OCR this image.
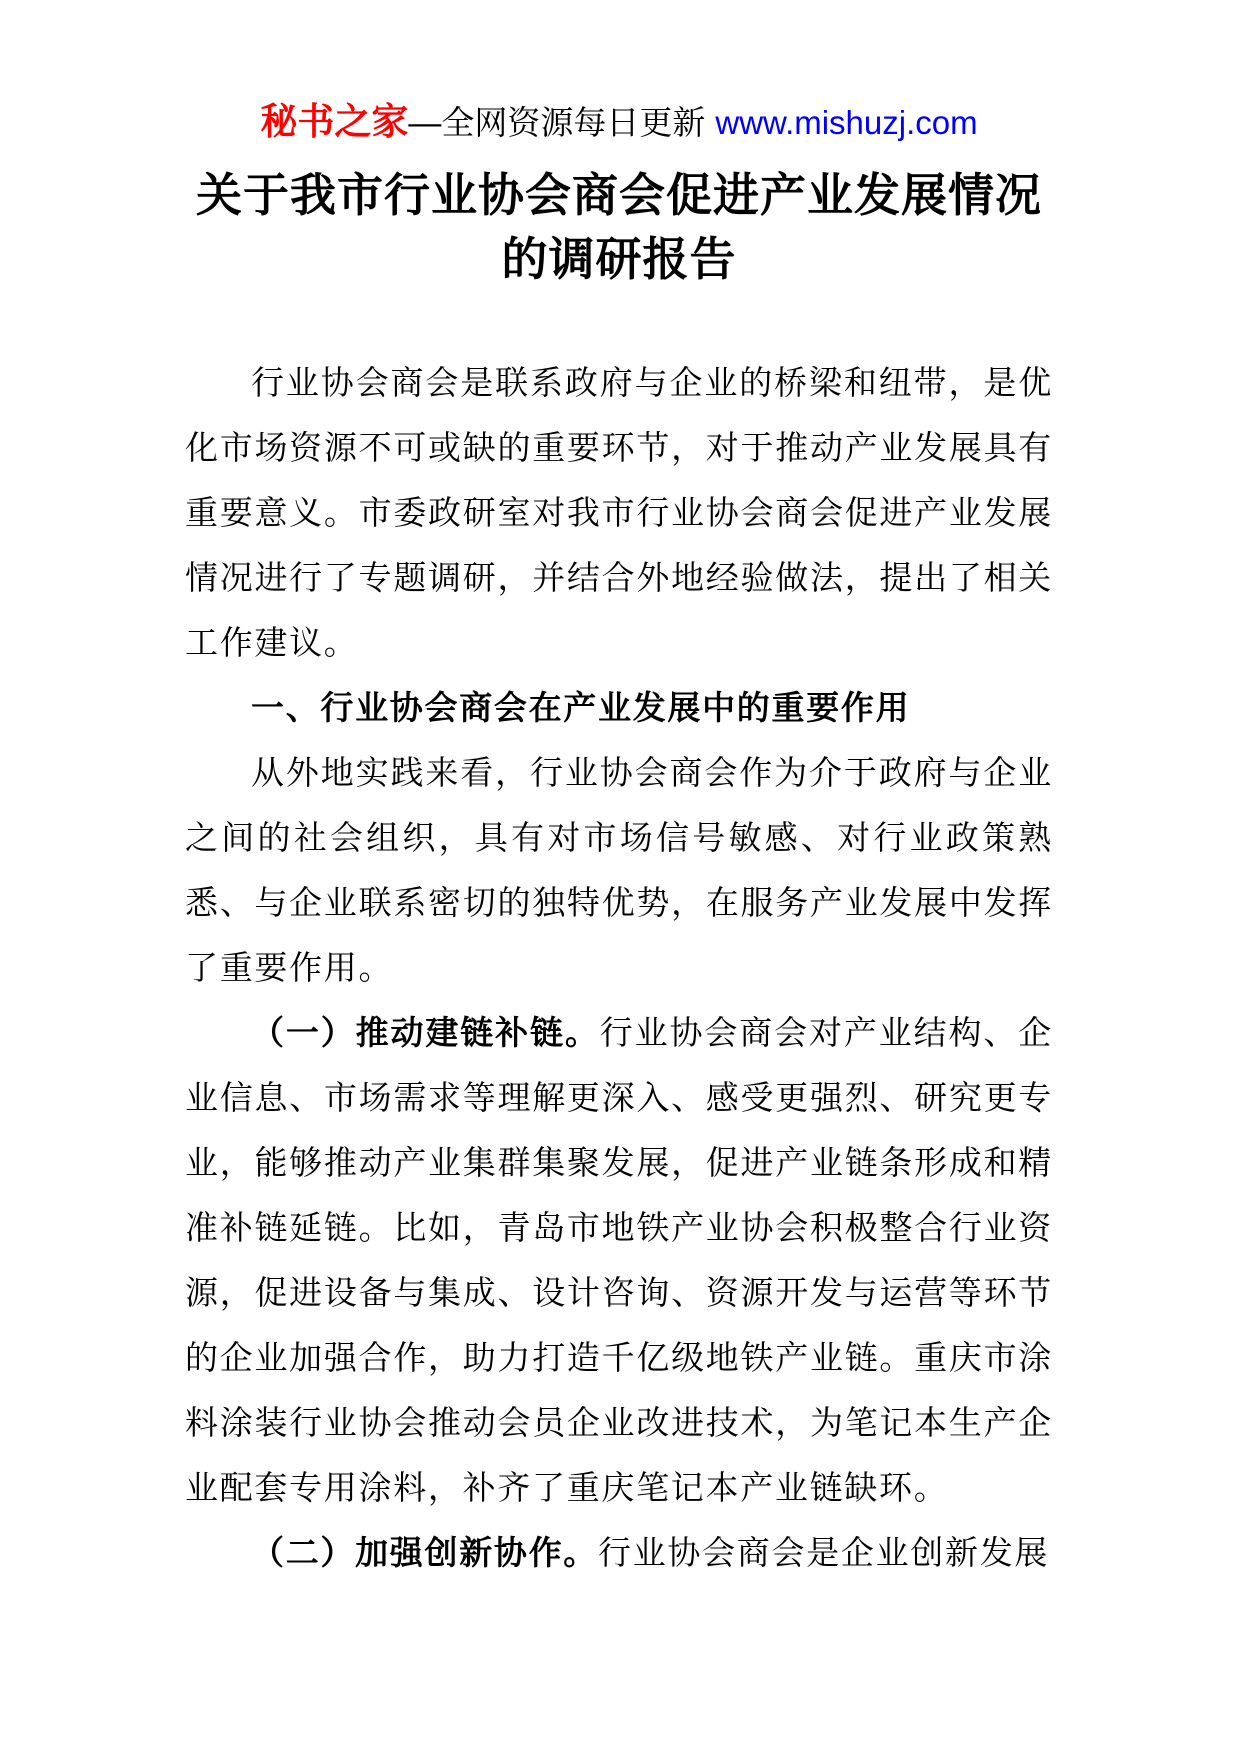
秘书之家—全网资源每日更新 www.mishuzj.com
关于我市行业协会商会促进产业发展情况
的调研报告

行业协会商会是联系政府与企业的桥梁和纽带，是优化市场资源不可或缺的重要环节，对于推动产业发展具有重要意义。市委政研室对我市行业协会商会促进产业发展情况进行了专题调研，并结合外地经验做法，提出了相关工作建议。

一、行业协会商会在产业发展中的重要作用

从外地实践来看，行业协会商会作为介于政府与企业之间的社会组织，具有对市场信号敏感、对行业政策熟悉、与企业联系密切的独特优势，在服务产业发展中发挥了重要作用。

（一）推动建链补链。行业协会商会对产业结构、企业信息、市场需求等理解更深入、感受更强烈、研究更专业，能够推动产业集群集聚发展，促进产业链条形成和精准补链延链。比如，青岛市地铁产业协会积极整合行业资源，促进设备与集成、设计咨询、资源开发与运营等环节的企业加强合作，助力打造千亿级地铁产业链。重庆市涂料涂装行业协会推动会员企业改进技术，为笔记本生产企业配套专用涂料，补齐了重庆笔记本产业链缺环。

（二）加强创新协作。行业协会商会是企业创新发展
